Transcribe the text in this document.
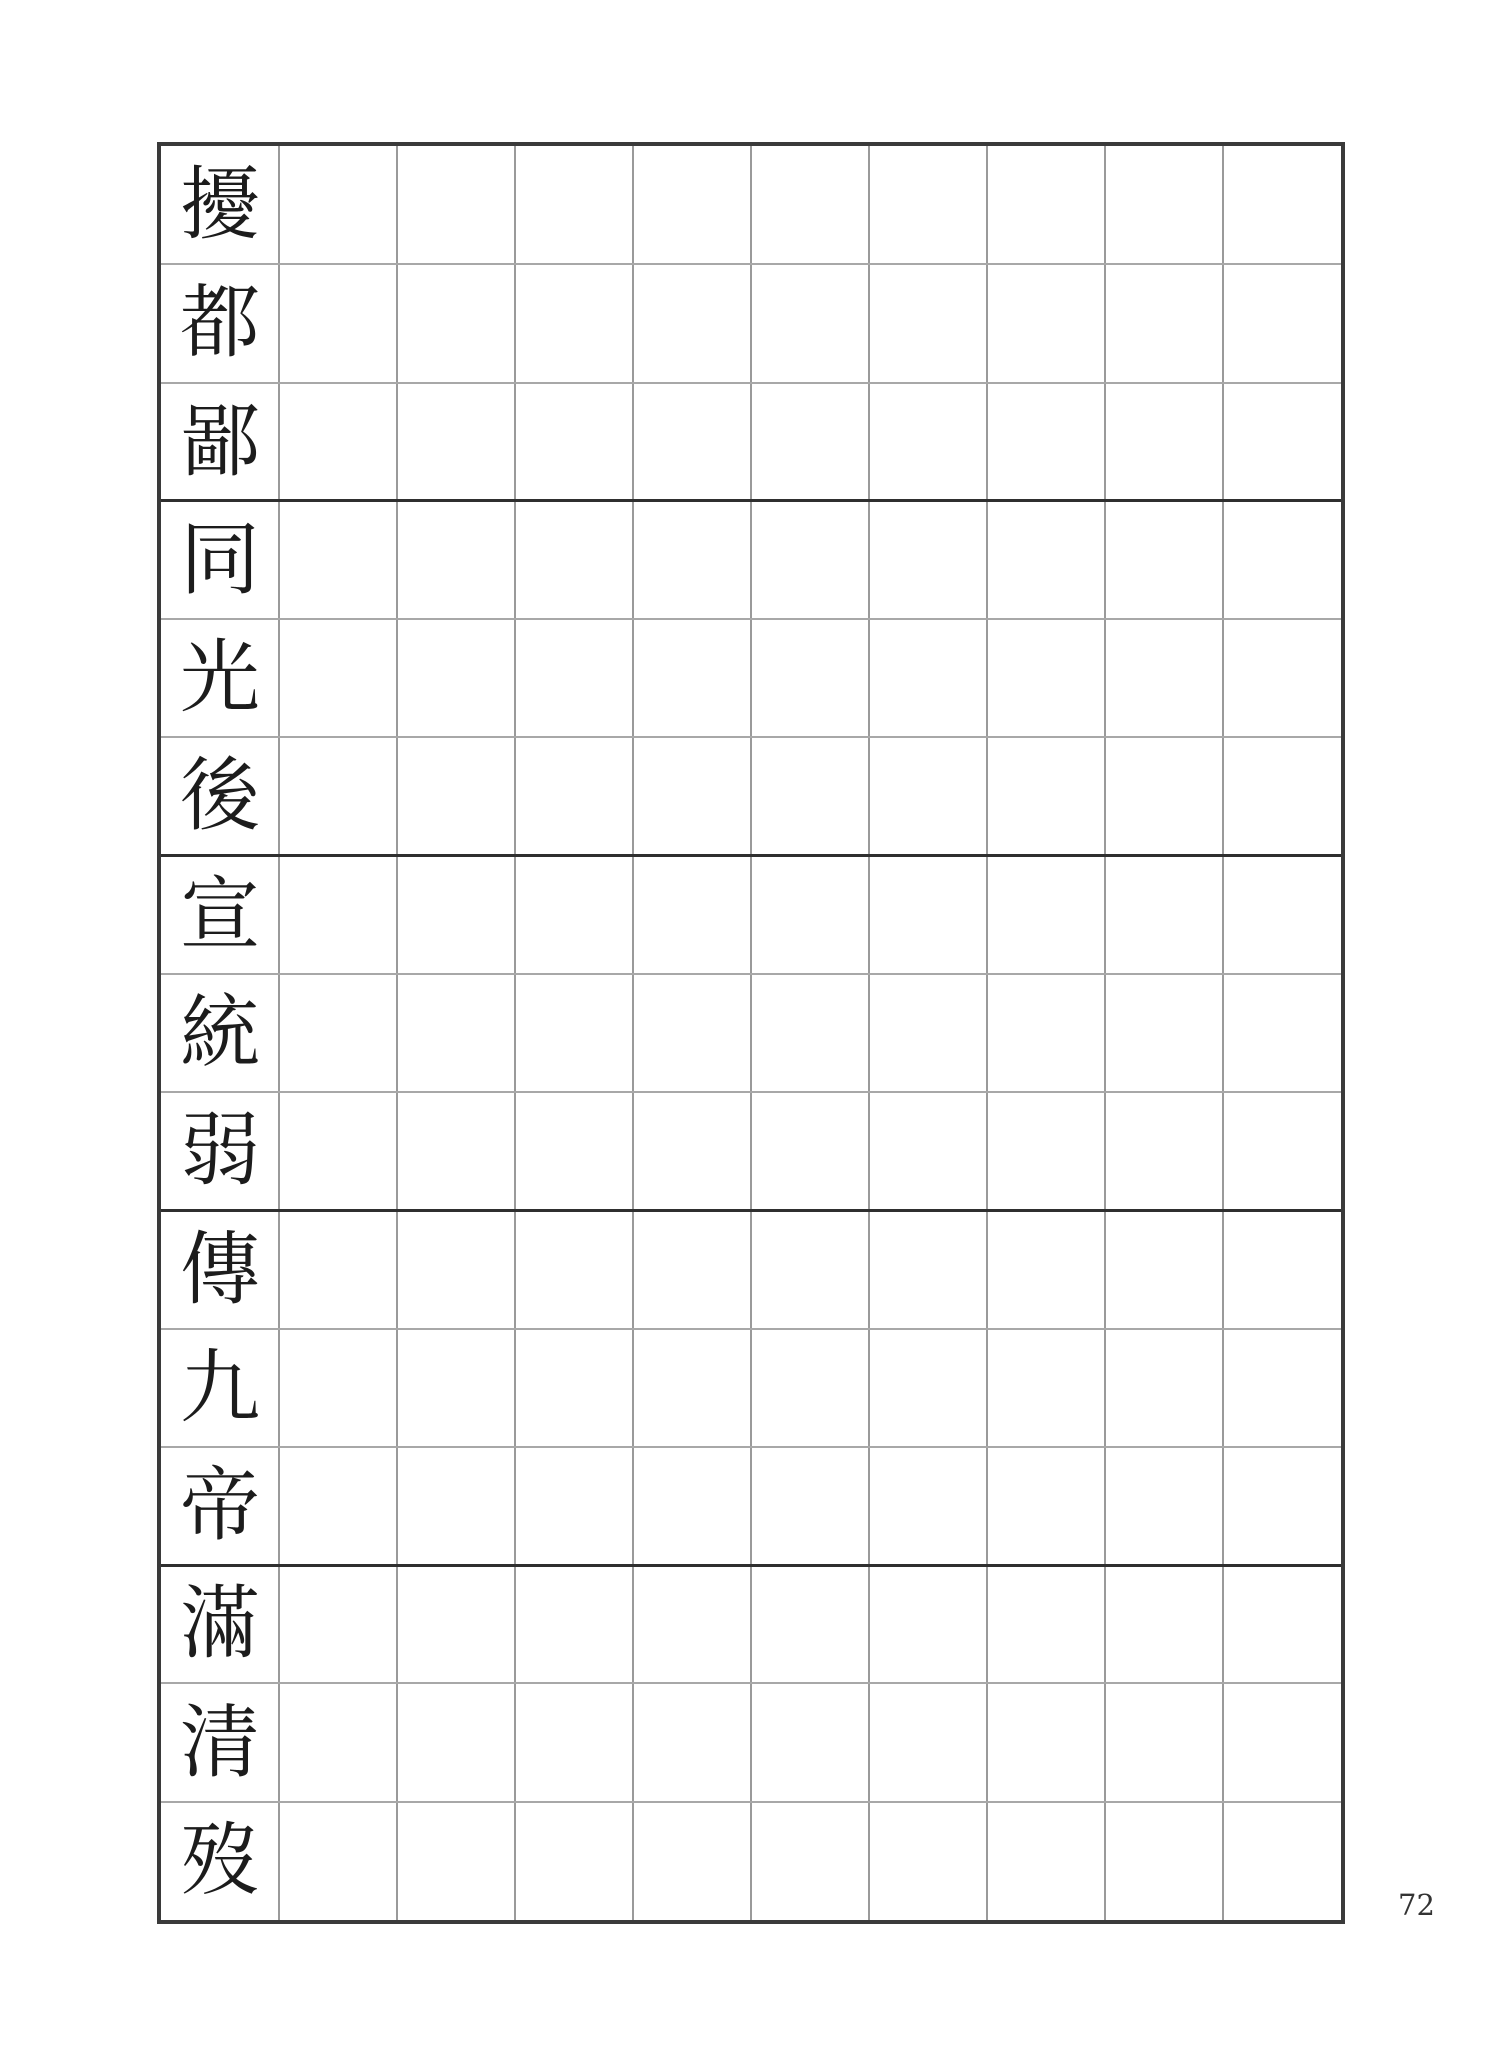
擾
都
鄙
同
光
後
宣
統
弱
傳
九
帝
滿
清
歿	72
